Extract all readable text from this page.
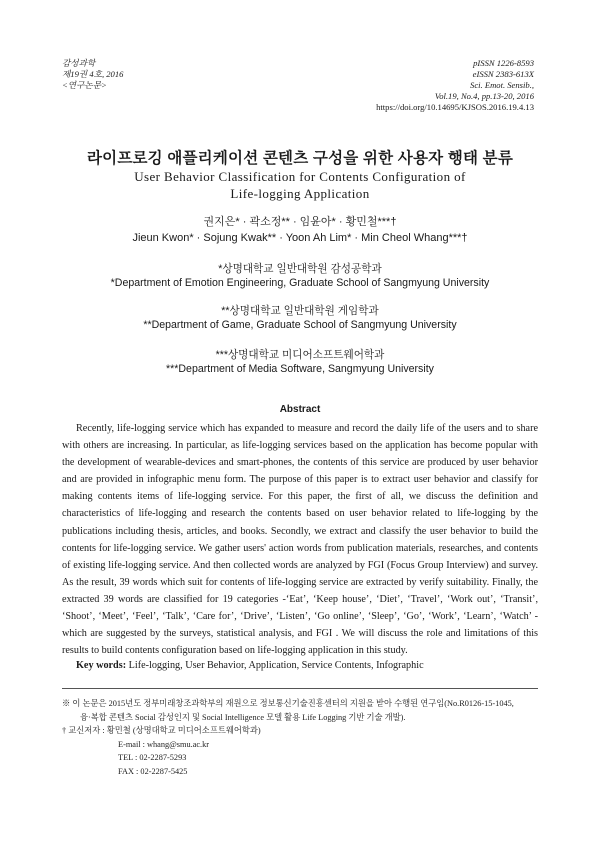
감성과학
제19권 4호, 2016
<연구논문>
pISSN 1226-8593
eISSN 2383-613X
Sci. Emot. Sensib.,
Vol.19, No.4, pp.13-20, 2016
https://doi.org/10.14695/KJSOS.2016.19.4.13
라이프로깅 애플리케이션 콘텐츠 구성을 위한 사용자 행태 분류
User Behavior Classification for Contents Configuration of
Life-logging Application
권지은* · 곽소정** · 임윤아* · 황민철***†
Jieun Kwon* · Sojung Kwak** · Yoon Ah Lim* · Min Cheol Whang***†
*상명대학교 일반대학원 감성공학과
*Department of Emotion Engineering, Graduate School of Sangmyung University
**상명대학교 일반대학원 게임학과
**Department of Game, Graduate School of Sangmyung University
***상명대학교 미디어소프트웨어학과
***Department of Media Software, Sangmyung University
Abstract

Recently, life-logging service which has expanded to measure and record the daily life of the users and to share with others are increasing. In particular, as life-logging services based on the application has become popular with the development of wearable-devices and smart-phones, the contents of this service are produced by user behavior and are provided in infographic menu form. The purpose of this paper is to extract user behavior and classify for making contents items of life-logging service. For this paper, the first of all, we discuss the definition and characteristics of life-logging and research the contents based on user behavior related to life-logging by the publications including thesis, articles, and books. Secondly, we extract and classify the user behavior to build the contents for life-logging service. We gather users' action words from publication materials, researches, and contents of existing life-logging service. And then collected words are analyzed by FGI (Focus Group Interview) and survey. As the result, 39 words which suit for contents of life-logging service are extracted by verify suitability. Finally, the extracted 39 words are classified for 19 categories -‘Eat’, ‘Keep house’, ‘Diet’, ‘Travel’, ‘Work out’, ‘Transit’, ‘Shoot’, ‘Meet’, ‘Feel’, ‘Talk’, ‘Care for’, ‘Drive’, ‘Listen’, ‘Go online’, ‘Sleep’, ‘Go’, ‘Work’, ‘Learn’, ‘Watch’ - which are suggested by the surveys, statistical analysis, and FGI . We will discuss the role and limitations of this results to build contents configuration based on life-logging application in this study.

Key words: Life-logging, User Behavior, Application, Service Contents, Infographic
※ 이 논문은 2015년도 정부미래창조과학부의 재원으로 정보통신기술진흥센터의 지원을 받아 수행된 연구임(No.R0126-15-1045,
융·복합 콘텐츠 Social 감성인지 및 Social Intelligence 모델 활용 Life Logging 기반 기술 개발).
† 교신저자 : 황민철 (상명대학교 미디어소프트웨어학과)
E-mail : whang@smu.ac.kr
TEL : 02-2287-5293
FAX : 02-2287-5425
